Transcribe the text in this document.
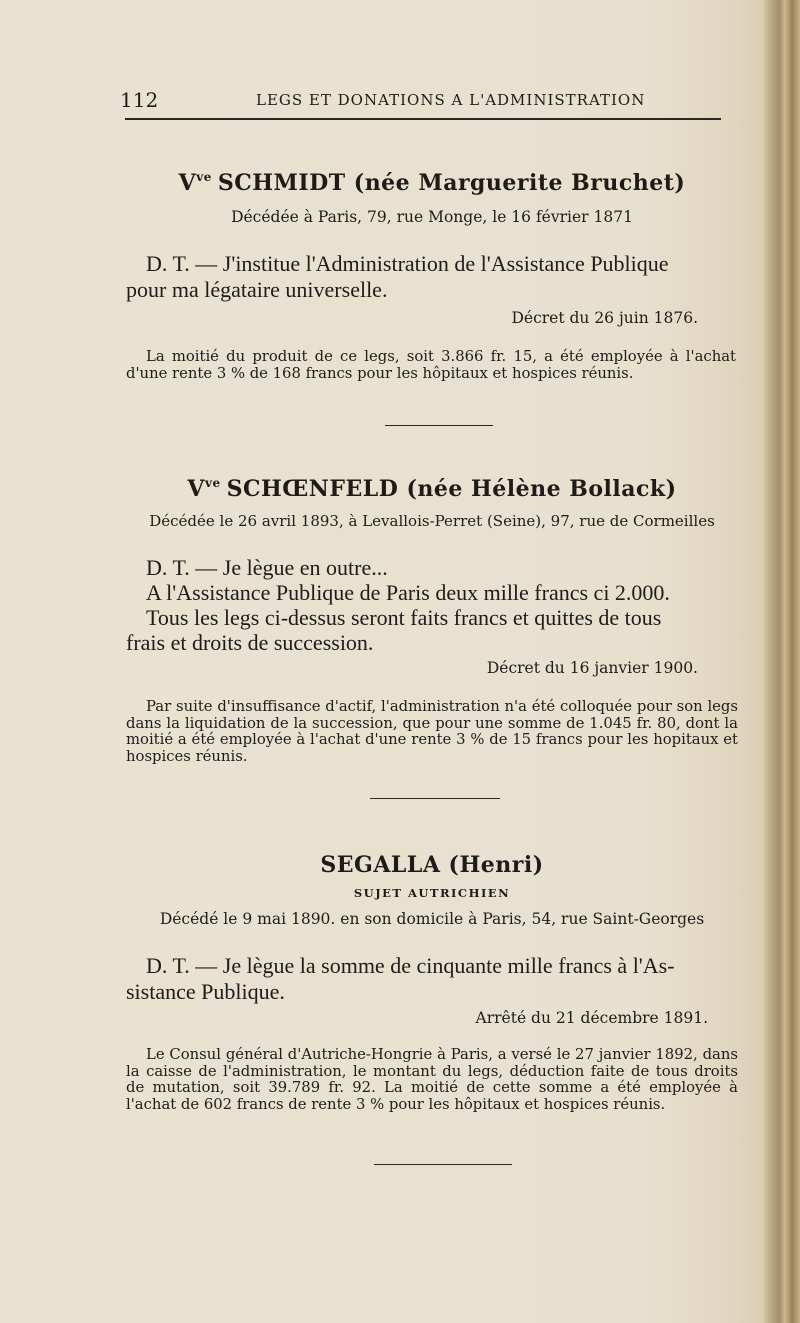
112	LEGS ET DONATIONS A L'ADMINISTRATION
$V^{ve}$ SCHMIDT (née Marguerite Bruchet)
Décédée à Paris, 79, rue Monge, le 16 février 1871
D. T. — J'institue l'Administration de l'Assistance Publique
pour ma légataire universelle.
Décret du 26 juin 1876.
La moitié du produit de ce legs, soit 3.866 fr. 15, a été employée à l'achat d'une rente 3 % de 168 francs pour les hôpitaux et hospices réunis.
$V^{ve}$ SCHŒNFELD (née Hélène Bollack)
Décédée le 26 avril 1893, à Levallois-Perret (Seine), 97, rue de Cormeilles
D. T. — Je lègue en outre... A l'Assistance Publique de Paris deux mille francs ci 2.000. Tous les legs ci-dessus seront faits francs et quittes de tous
frais et droits de succession.
Décret du 16 janvier 1900.
Par suite d'insuffisance d'actif, l'administration n'a été colloquée pour son legs dans la liquidation de la succession, que pour une somme de 1.045 fr. 80, dont la moitié a été employée à l'achat d'une rente 3 % de 15 francs pour les hopitaux et hospices réunis.
SEGALLA (Henri)
SUJET AUTRICHIEN
Décédé le 9 mai 1890. en son domicile à Paris, 54, rue Saint-Georges
D. T. — Je lègue la somme de cinquante mille francs à l'As-
sistance Publique.
Arrêté du 21 décembre 1891.
Le Consul général d'Autriche-Hongrie à Paris, a versé le 27 janvier 1892, dans la caisse de l'administration, le montant du legs, déduction faite de tous droits de mutation, soit 39.789 fr. 92. La moitié de cette somme a été employée à l'achat de 602 francs de rente 3 % pour les hôpitaux et hospices réunis.
